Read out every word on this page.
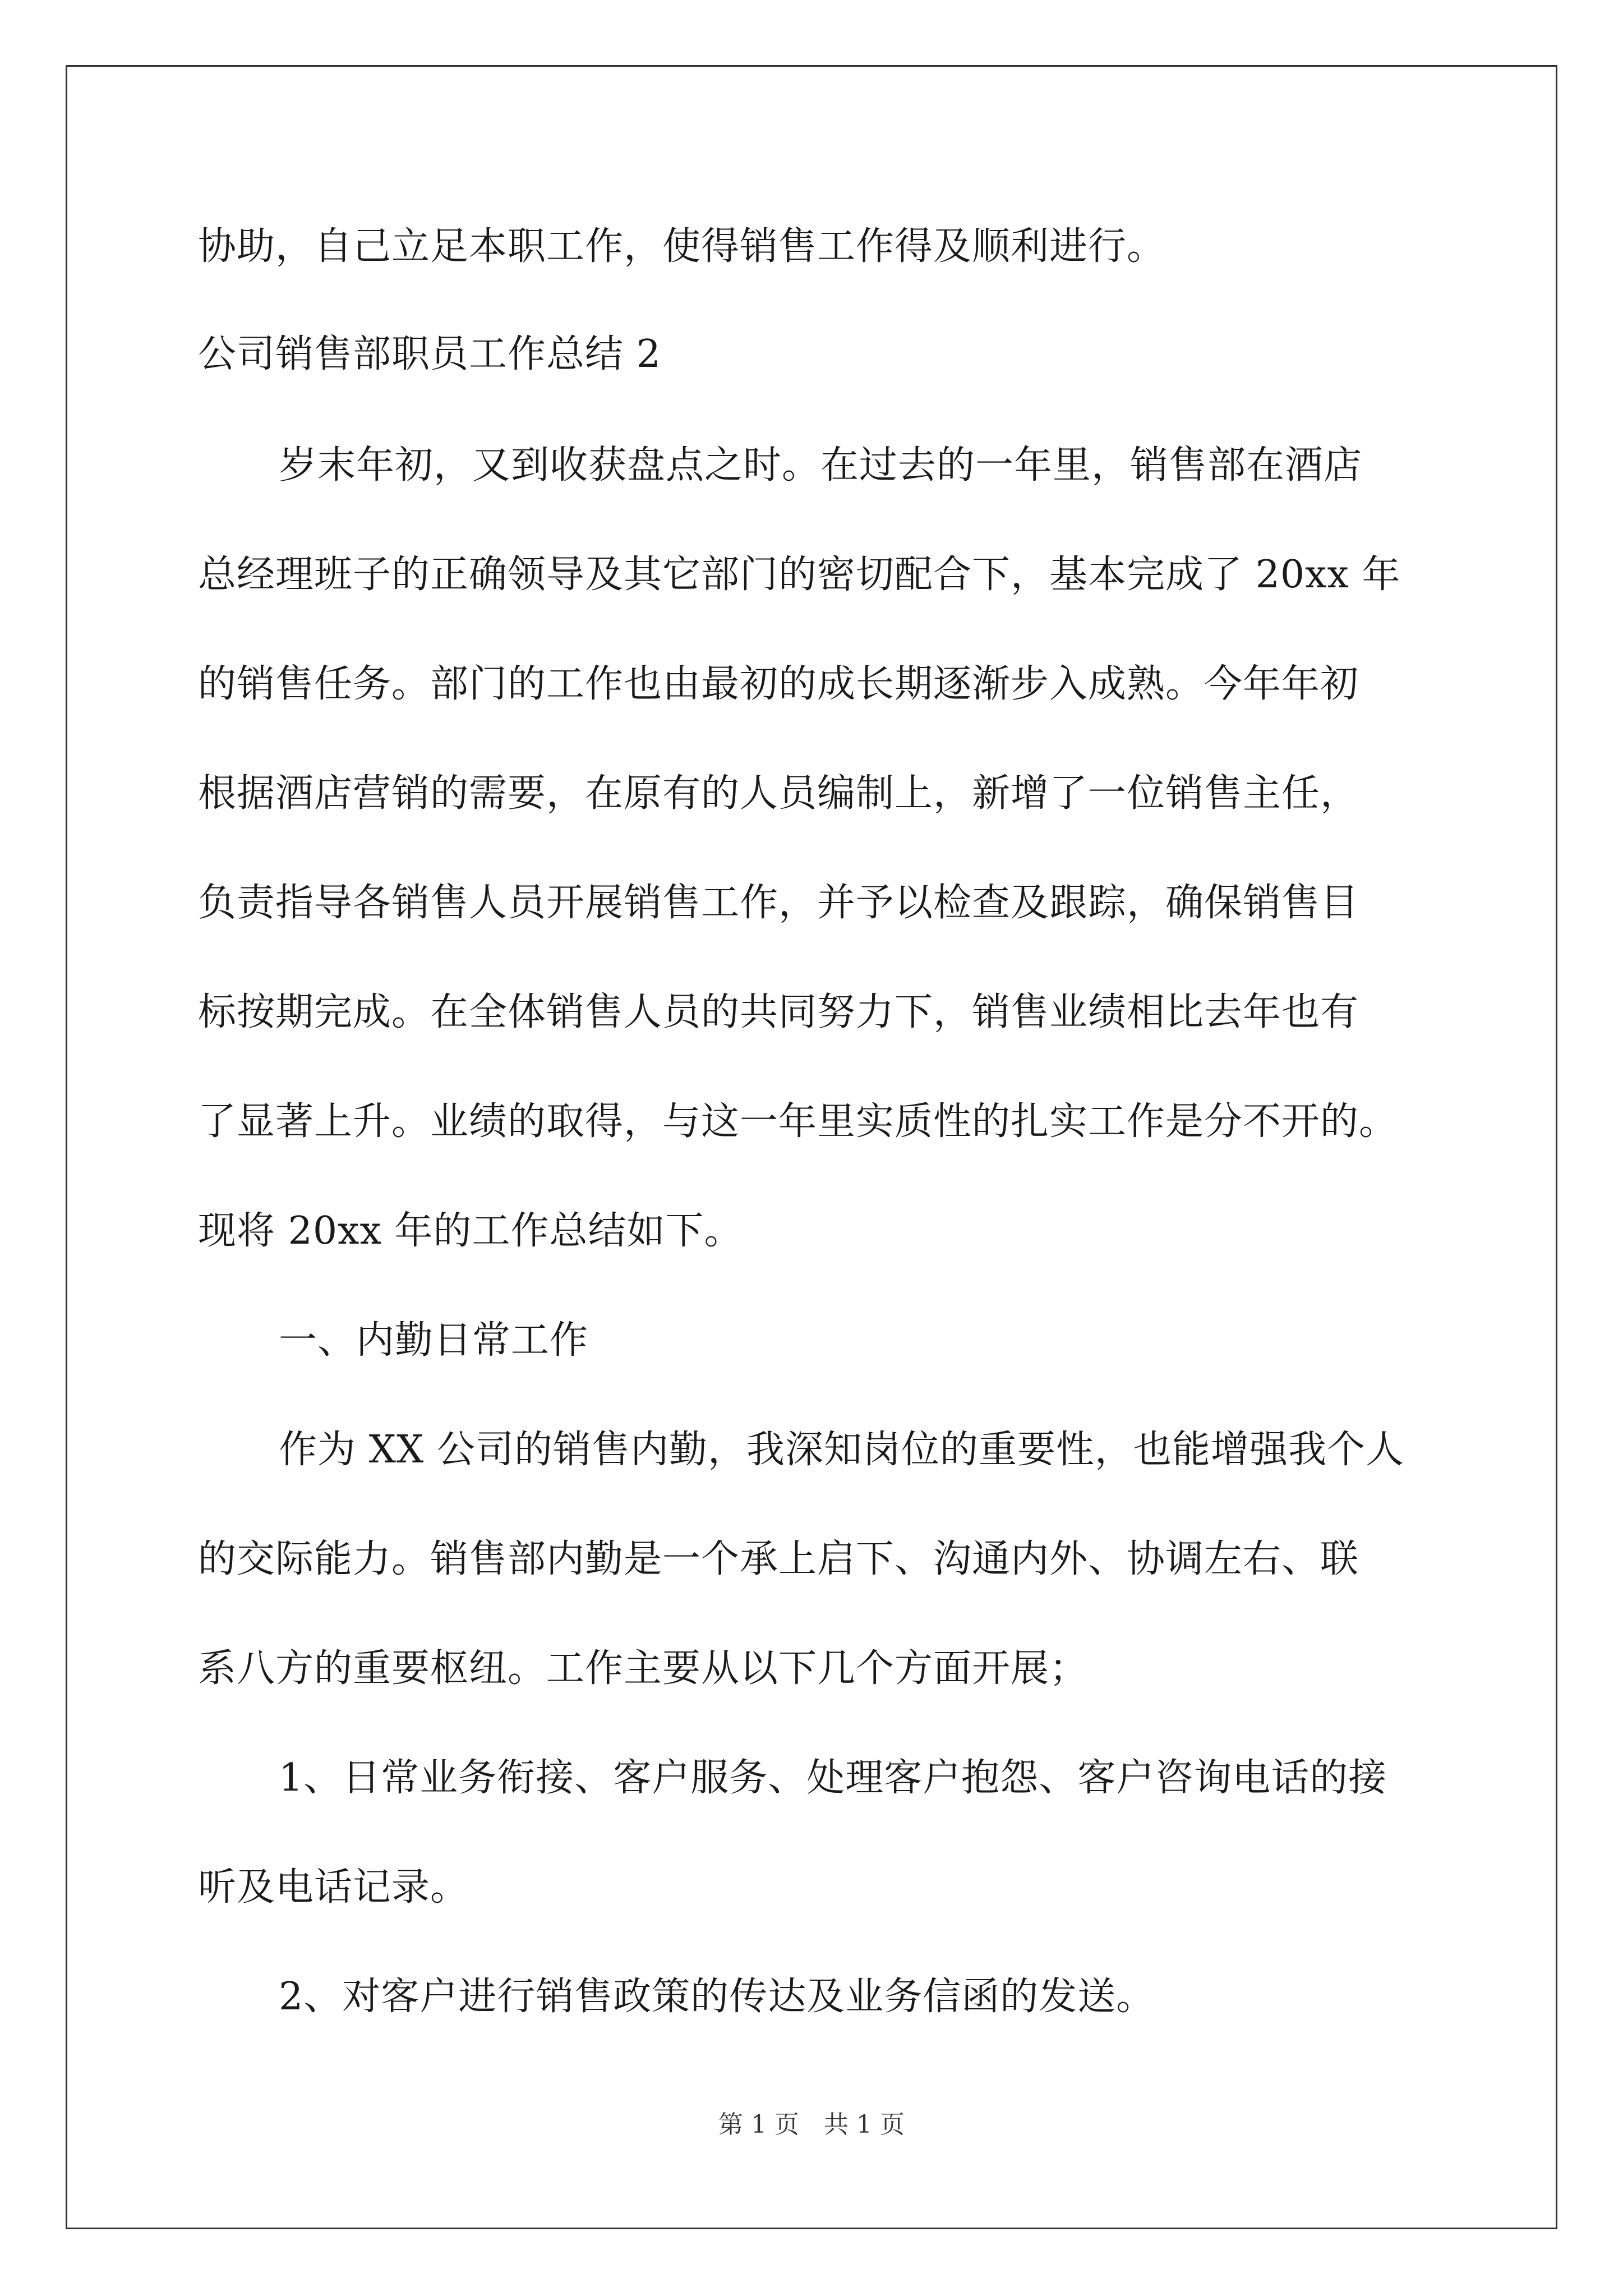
协助，自己立足本职工作，使得销售工作得及顺利进行。
公司销售部职员工作总结 2
岁末年初，又到收获盘点之时。在过去的一年里，销售部在酒店
总经理班子的正确领导及其它部门的密切配合下，基本完成了 20xx 年
的销售任务。部门的工作也由最初的成长期逐渐步入成熟。今年年初
根据酒店营销的需要，在原有的人员编制上，新增了一位销售主任，
负责指导各销售人员开展销售工作，并予以检查及跟踪，确保销售目
标按期完成。在全体销售人员的共同努力下，销售业绩相比去年也有
了显著上升。业绩的取得，与这一年里实质性的扎实工作是分不开的。
现将 20xx 年的工作总结如下。
一、内勤日常工作
作为 XX 公司的销售内勤，我深知岗位的重要性，也能增强我个人
的交际能力。销售部内勤是一个承上启下、沟通内外、协调左右、联
系八方的重要枢纽。工作主要从以下几个方面开展；
1、日常业务衔接、客户服务、处理客户抱怨、客户咨询电话的接
听及电话记录。
2、对客户进行销售政策的传达及业务信函的发送。
第 1 页 共 1 页
